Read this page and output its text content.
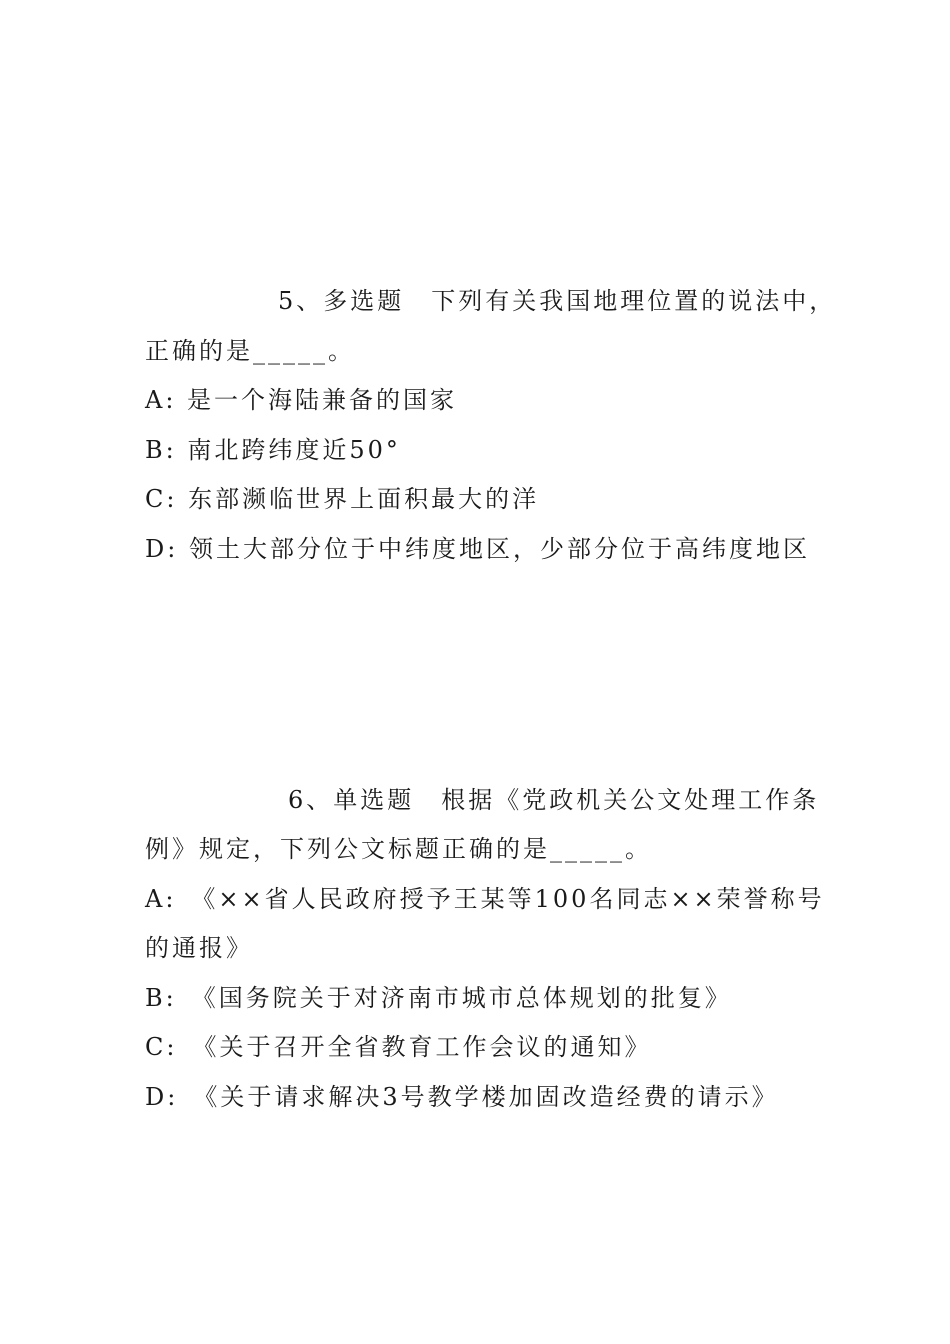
5、多选题　下列有关我国地理位置的说法中，
正确的是_____。
A: 是一个海陆兼备的国家
B: 南北跨纬度近50°
C: 东部濒临世界上面积最大的洋
D: 领土大部分位于中纬度地区，少部分位于高纬度地区
6、单选题　根据《党政机关公文处理工作条
例》规定，下列公文标题正确的是_____。
A:　《××省人民政府授予王某等100名同志××荣誉称号
的通报》
B:　《国务院关于对济南市城市总体规划的批复》
C:　《关于召开全省教育工作会议的通知》
D:　《关于请求解决3号教学楼加固改造经费的请示》
